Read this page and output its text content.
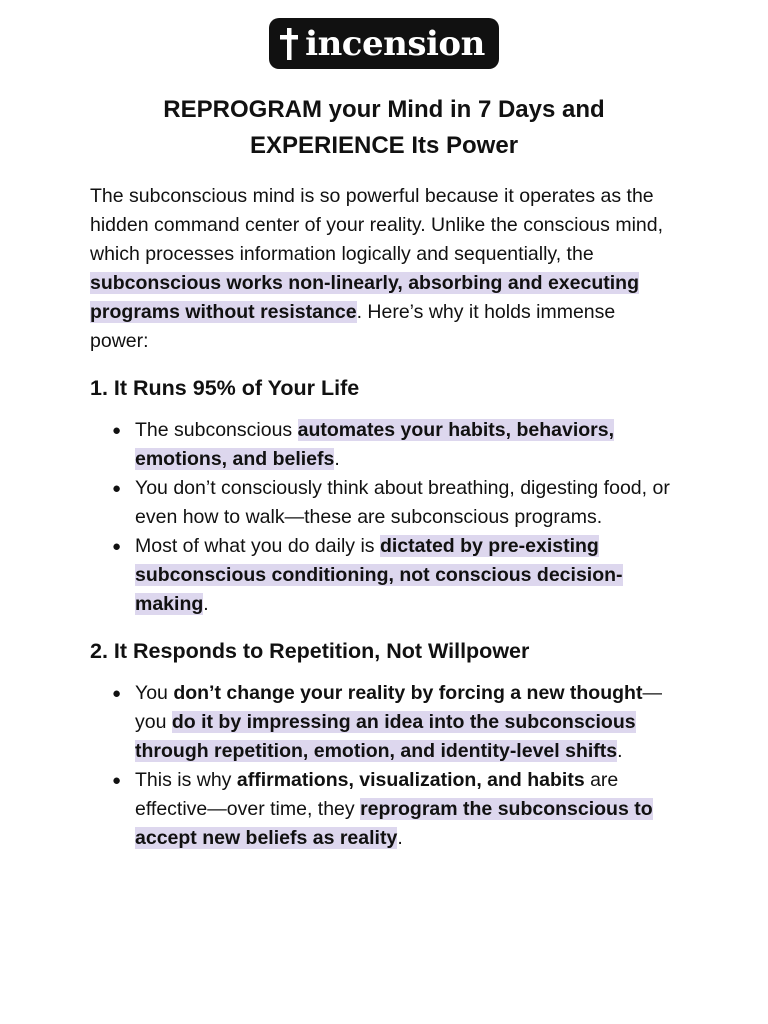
incension
REPROGRAM your Mind in 7 Days and
EXPERIENCE Its Power

The subconscious mind is so powerful because it operates as the hidden command center of your reality. Unlike the conscious mind, which processes information logically and sequentially, the subconscious works non-linearly, absorbing and executing programs without resistance. Here’s why it holds immense power:

1. It Runs 95% of Your Life
● The subconscious automates your habits, behaviors, emotions, and beliefs.
● You don’t consciously think about breathing, digesting food, or even how to walk—these are subconscious programs.
● Most of what you do daily is dictated by pre-existing subconscious conditioning, not conscious decision-making.
2. It Responds to Repetition, Not Willpower
● You don’t change your reality by forcing a new thought—you do it by impressing an idea into the subconscious through repetition, emotion, and identity-level shifts.
● This is why affirmations, visualization, and habits are effective—over time, they reprogram the subconscious to accept new beliefs as reality.
